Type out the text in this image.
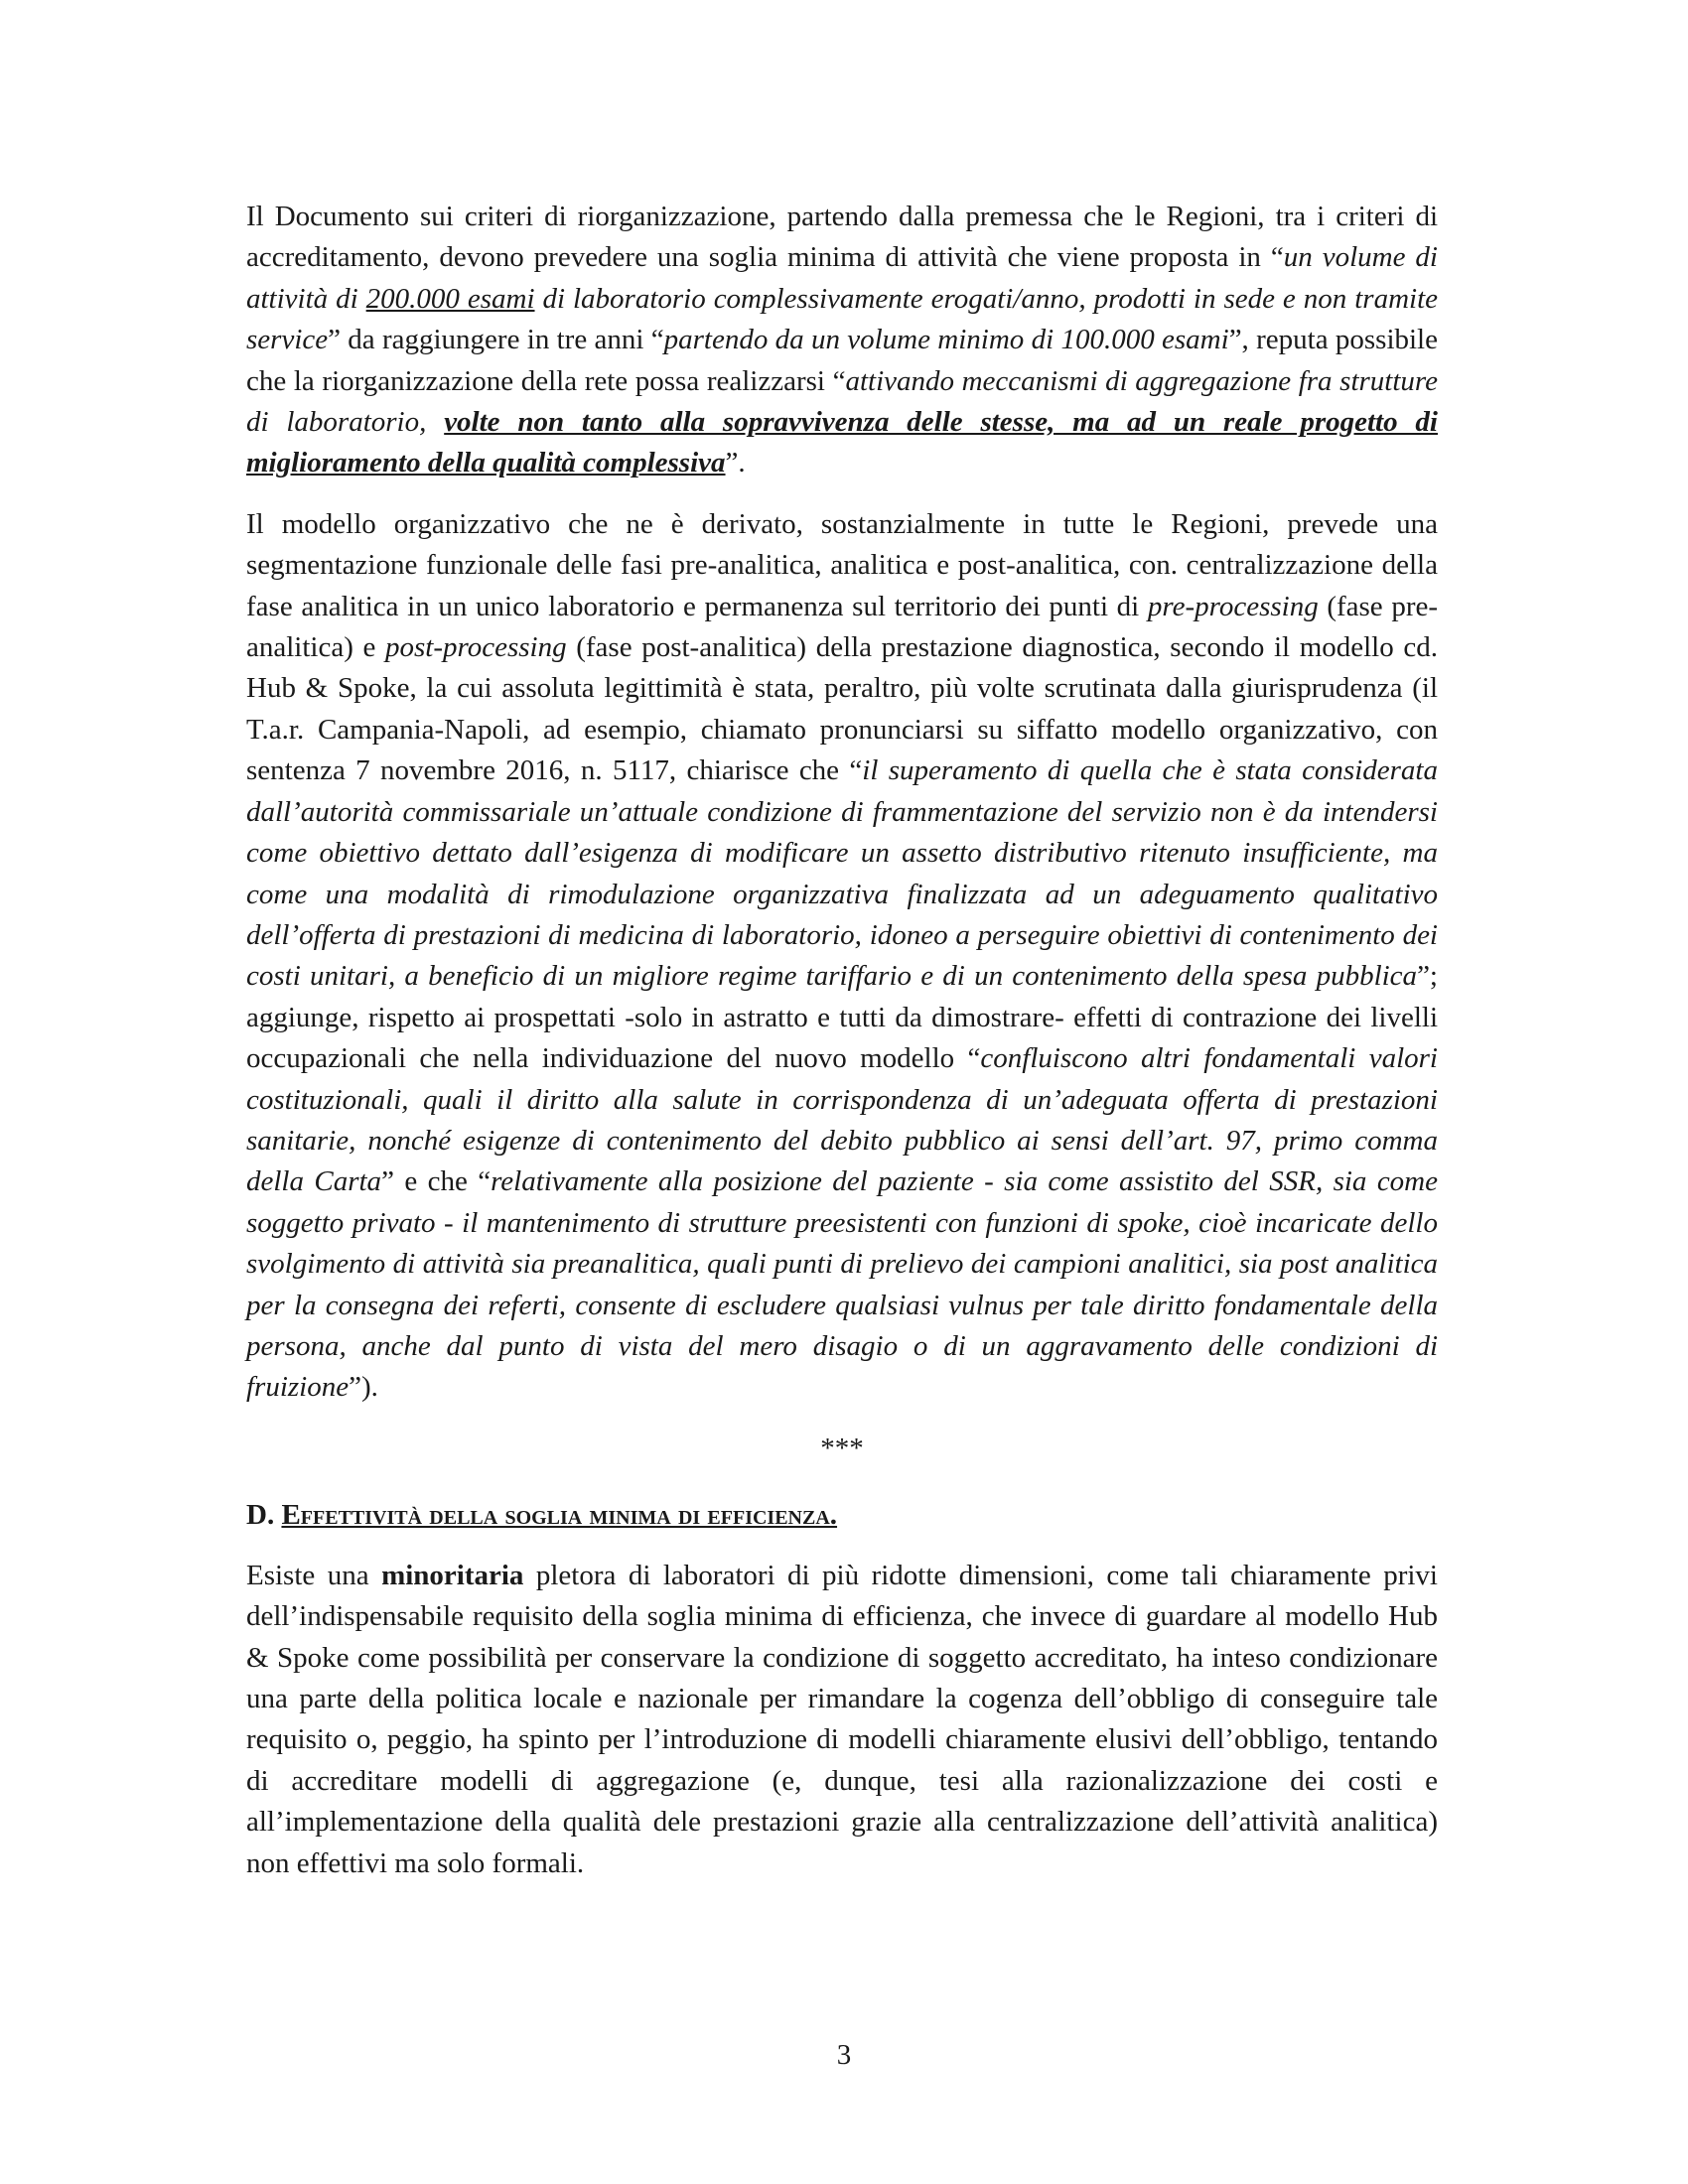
Il Documento sui criteri di riorganizzazione, partendo dalla premessa che le Regioni, tra i criteri di accreditamento, devono prevedere una soglia minima di attività che viene proposta in “un volume di attività di 200.000 esami di laboratorio complessivamente erogati/anno, prodotti in sede e non tramite service” da raggiungere in tre anni “partendo da un volume minimo di 100.000 esami”, reputa possibile che la riorganizzazione della rete possa realizzarsi “attivando meccanismi di aggregazione fra strutture di laboratorio, volte non tanto alla sopravvivenza delle stesse, ma ad un reale progetto di miglioramento della qualità complessiva”.

Il modello organizzativo che ne è derivato, sostanzialmente in tutte le Regioni, prevede una segmentazione funzionale delle fasi pre-analitica, analitica e post-analitica, con. centralizzazione della fase analitica in un unico laboratorio e permanenza sul territorio dei punti di pre-processing (fase pre-analitica) e post-processing (fase post-analitica) della prestazione diagnostica, secondo il modello cd. Hub & Spoke, la cui assoluta legittimità è stata, peraltro, più volte scrutinata dalla giurisprudenza (il T.a.r. Campania-Napoli, ad esempio, chiamato pronunciarsi su siffatto modello organizzativo, con sentenza 7 novembre 2016, n. 5117, chiarisce che “il superamento di quella che è stata considerata dall’autorità commissariale un’attuale condizione di frammentazione del servizio non è da intendersi come obiettivo dettato dall’esigenza di modificare un assetto distributivo ritenuto insufficiente, ma come una modalità di rimodulazione organizzativa finalizzata ad un adeguamento qualitativo dell’offerta di prestazioni di medicina di laboratorio, idoneo a perseguire obiettivi di contenimento dei costi unitari, a beneficio di un migliore regime tariffario e di un contenimento della spesa pubblica”; aggiunge, rispetto ai prospettati -solo in astratto e tutti da dimostrare- effetti di contrazione dei livelli occupazionali che nella individuazione del nuovo modello “confluiscono altri fondamentali valori costituzionali, quali il diritto alla salute in corrispondenza di un’adeguata offerta di prestazioni sanitarie, nonché esigenze di contenimento del debito pubblico ai sensi dell’art. 97, primo comma della Carta” e che “relativamente alla posizione del paziente - sia come assistito del SSR, sia come soggetto privato - il mantenimento di strutture preesistenti con funzioni di spoke, cioè incaricate dello svolgimento di attività sia preanalitica, quali punti di prelievo dei campioni analitici, sia post analitica per la consegna dei referti, consente di escludere qualsiasi vulnus per tale diritto fondamentale della persona, anche dal punto di vista del mero disagio o di un aggravamento delle condizioni di fruizione”).

***
D. Effettività della soglia minima di efficienza.

Esiste una minoritaria pletora di laboratori di più ridotte dimensioni, come tali chiaramente privi dell’indispensabile requisito della soglia minima di efficienza, che invece di guardare al modello Hub & Spoke come possibilità per conservare la condizione di soggetto accreditato, ha inteso condizionare una parte della politica locale e nazionale per rimandare la cogenza dell’obbligo di conseguire tale requisito o, peggio, ha spinto per l’introduzione di modelli chiaramente elusivi dell’obbligo, tentando di accreditare modelli di aggregazione (e, dunque, tesi alla razionalizzazione dei costi e all’implementazione della qualità dele prestazioni grazie alla centralizzazione dell’attività analitica) non effettivi ma solo formali.

3
